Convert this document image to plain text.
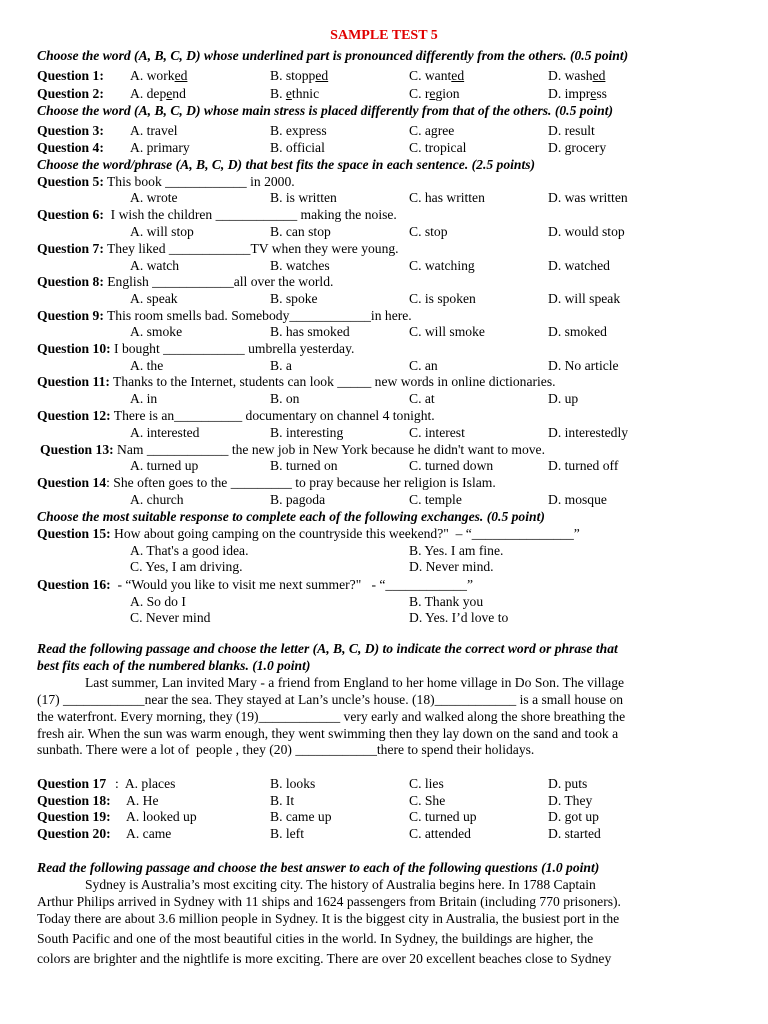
SAMPLE TEST 5
Choose the word (A, B, C, D) whose underlined part is pronounced differently from the others. (0.5 point)
Question 1: A. worked	B. stopped	C. wanted	D. washed
Question 2: A. depend	B. ethnic	C. region	D. impress
Choose the word (A, B, C, D) whose main stress is placed differently from that of the others. (0.5 point)
Question 3: A. travel	B. express	C. agree	D. result
Question 4: A. primary	B. official	C. tropical	D. grocery
Choose the word/phrase (A, B, C, D) that best fits the space in each sentence. (2.5 points)
Question 5: This book ____________ in 2000.
A. wrote	B. is written	C. has written	D. was written
Question 6:  I wish the children ____________ making the noise.
A. will stop	B. can stop	C. stop	D. would stop
Question 7: They liked ____________TV when they were young.
A. watch	B. watches	C. watching	D. watched
Question 8: English ____________all over the world.
A. speak	B. spoke	C. is spoken	D. will speak
Question 9: This room smells bad. Somebody____________in here.
A. smoke	B. has smoked	C. will smoke	D. smoked
Question 10: I bought ____________ umbrella yesterday.
A. the	B. a	C. an	D. No article
Question 11: Thanks to the Internet, students can look _____ new words in online dictionaries.
A. in	B. on	C. at	D. up
Question 12: There is an__________ documentary on channel 4 tonight.
A. interested	B. interesting	C. interest	D. interestedly
Question 13: Nam ____________ the new job in New York because he didn't want to move.
A. turned up	B. turned on	C. turned down	D. turned off
Question 14: She often goes to the _________ to pray because her religion is Islam.
A. church	B. pagoda	C. temple	D. mosque
Choose the most suitable response to complete each of the following exchanges. (0.5 point)
Question 15: How about going camping on the countryside this weekend?"  – “_______________”
A. That's a good idea.	B. Yes. I am fine.
C. Yes, I am driving.	D. Never mind.
Question 16:  - “Would you like to visit me next summer?"   - “____________”
A. So do I	B. Thank you
C. Never mind	D. Yes. I’d love to
Read the following passage and choose the letter (A, B, C, D) to indicate the correct word or phrase that
best fits each of the numbered blanks. (1.0 point)
Last summer, Lan invited Mary - a friend from England to her home village in Do Son. The village
(17) ____________near the sea. They stayed at Lan’s uncle’s house. (18)____________ is a small house on
the waterfront. Every morning, they (19)____________ very early and walked along the shore breathing the
fresh air. When the sun was warm enough, they went swimming then they lay down on the sand and took a
sunbath. There were a lot of  people , they (20) ____________there to spend their holidays.
Question 17 :  A. places	B. looks	C. lies	D. puts
Question 18: A. He	B. It	C. She	D. They
Question 19: A. looked up	B. came up	C. turned up	D. got up
Question 20: A. came	B. left	C. attended	D. started
Read the following passage and choose the best answer to each of the following questions (1.0 point)
Sydney is Australia’s most exciting city. The history of Australia begins here. In 1788 Captain
Arthur Philips arrived in Sydney with 11 ships and 1624 passengers from Britain (including 770 prisoners).
Today there are about 3.6 million people in Sydney. It is the biggest city in Australia, the busiest port in the
South Pacific and one of the most beautiful cities in the world. In Sydney, the buildings are higher, the
colors are brighter and the nightlife is more exciting. There are over 20 excellent beaches close to Sydney
